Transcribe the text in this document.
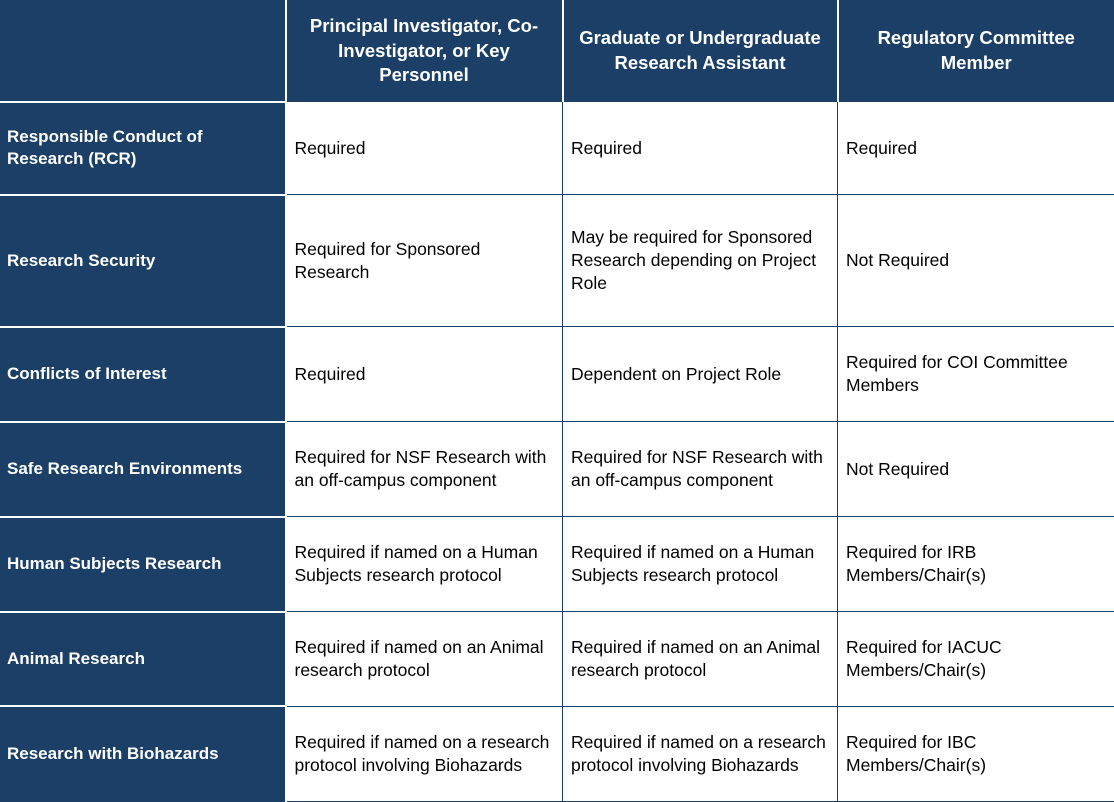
	Principal Investigator, Co-Investigator, or Key Personnel	Graduate or Undergraduate Research Assistant	Regulatory Committee Member
Responsible Conduct of Research (RCR)	Required	Required	Required
Research Security	Required for Sponsored Research	May be required for Sponsored Research depending on Project Role	Not Required
Conflicts of Interest	Required	Dependent on Project Role	Required for COI Committee Members
Safe Research Environments	Required for NSF Research with an off-campus component	Required for NSF Research with an off-campus component	Not Required
Human Subjects Research	Required if named on a Human Subjects research protocol	Required if named on a Human Subjects research protocol	Required for IRB Members/Chair(s)
Animal Research	Required if named on an Animal research protocol	Required if named on an Animal research protocol	Required for IACUC Members/Chair(s)
Research with Biohazards	Required if named on a research protocol involving Biohazards	Required if named on a research protocol involving Biohazards	Required for IBC Members/Chair(s)
